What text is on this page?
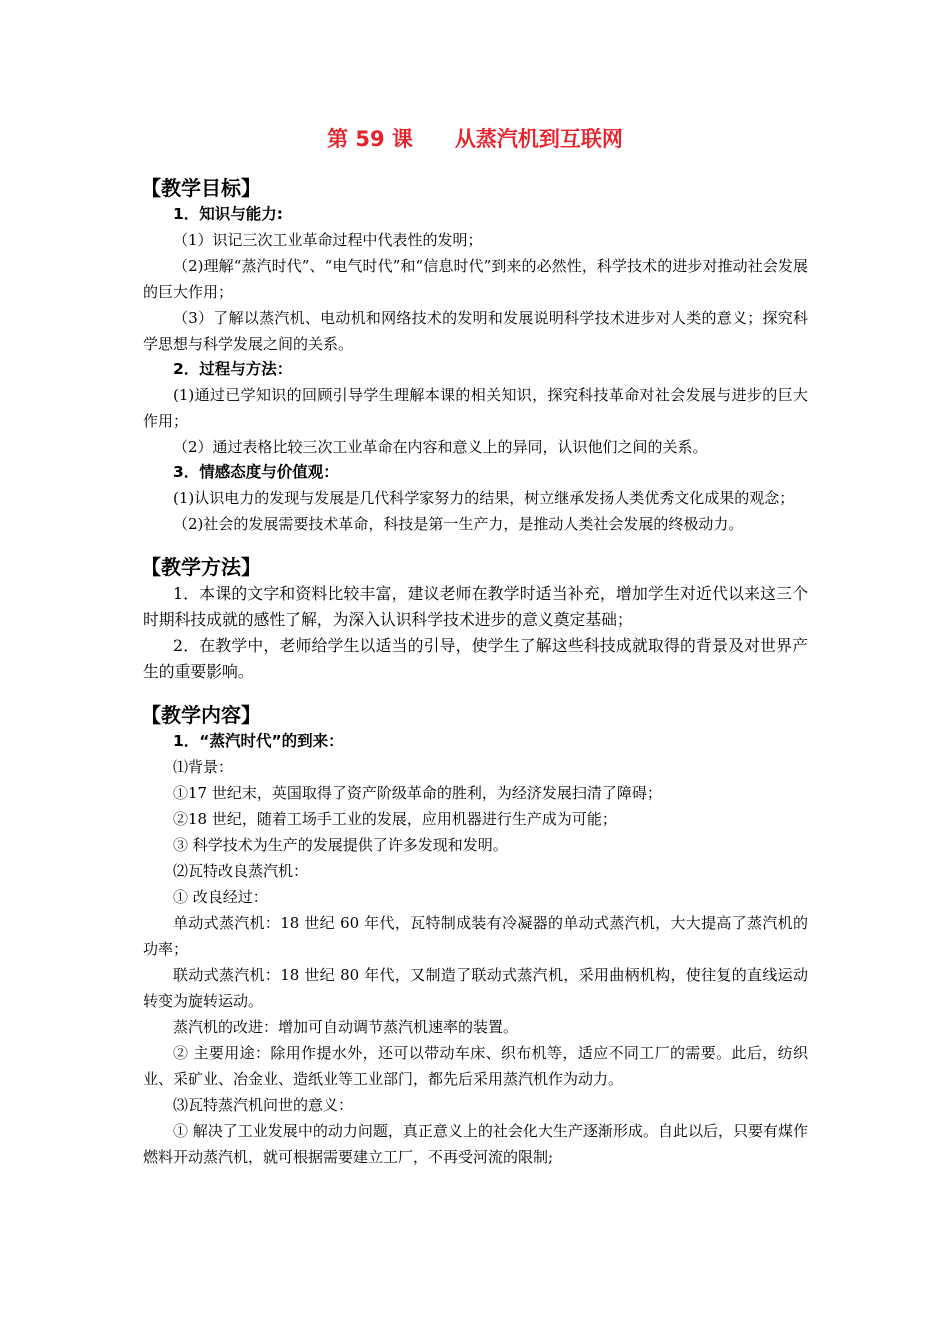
第 59 课　　从蒸汽机到互联网
【教学目标】
1．知识与能力:

（1）识记三次工业革命过程中代表性的发明；

（2)理解“蒸汽时代”、“电气时代”和“信息时代”到来的必然性，科学技术的进步对推动社会发展的巨大作用；

（3）了解以蒸汽机、电动机和网络技术的发明和发展说明科学技术进步对人类的意义；探究科学思想与科学发展之间的关系。

2．过程与方法：

(1)通过已学知识的回顾引导学生理解本课的相关知识，探究科技革命对社会发展与进步的巨大作用；

（2）通过表格比较三次工业革命在内容和意义上的异同，认识他们之间的关系。

3．情感态度与价值观：

(1)认识电力的发现与发展是几代科学家努力的结果，树立继承发扬人类优秀文化成果的观念；

（2)社会的发展需要技术革命，科技是第一生产力，是推动人类社会发展的终极动力。

【教学方法】

1．本课的文字和资料比较丰富，建议老师在教学时适当补充，增加学生对近代以来这三个时期科技成就的感性了解，为深入认识科学技术进步的意义奠定基础；

2．在教学中，老师给学生以适当的引导，使学生了解这些科技成就取得的背景及对世界产生的重要影响。

【教学内容】
1．“蒸汽时代”的到来：

⑴背景：

①17 世纪末，英国取得了资产阶级革命的胜利，为经济发展扫清了障碍；

②18 世纪，随着工场手工业的发展，应用机器进行生产成为可能；

③ 科学技术为生产的发展提供了许多发现和发明。

⑵瓦特改良蒸汽机：

① 改良经过：

单动式蒸汽机：18 世纪 60 年代，瓦特制成装有冷凝器的单动式蒸汽机，大大提高了蒸汽机的功率；

联动式蒸汽机：18 世纪 80 年代，又制造了联动式蒸汽机，采用曲柄机构，使往复的直线运动转变为旋转运动。

蒸汽机的改进：增加可自动调节蒸汽机速率的装置。

② 主要用途：除用作提水外，还可以带动车床、织布机等，适应不同工厂的需要。此后，纺织业、采矿业、冶金业、造纸业等工业部门，都先后采用蒸汽机作为动力。

⑶瓦特蒸汽机问世的意义：

① 解决了工业发展中的动力问题，真正意义上的社会化大生产逐渐形成。自此以后，只要有煤作燃料开动蒸汽机，就可根据需要建立工厂，不再受河流的限制;
